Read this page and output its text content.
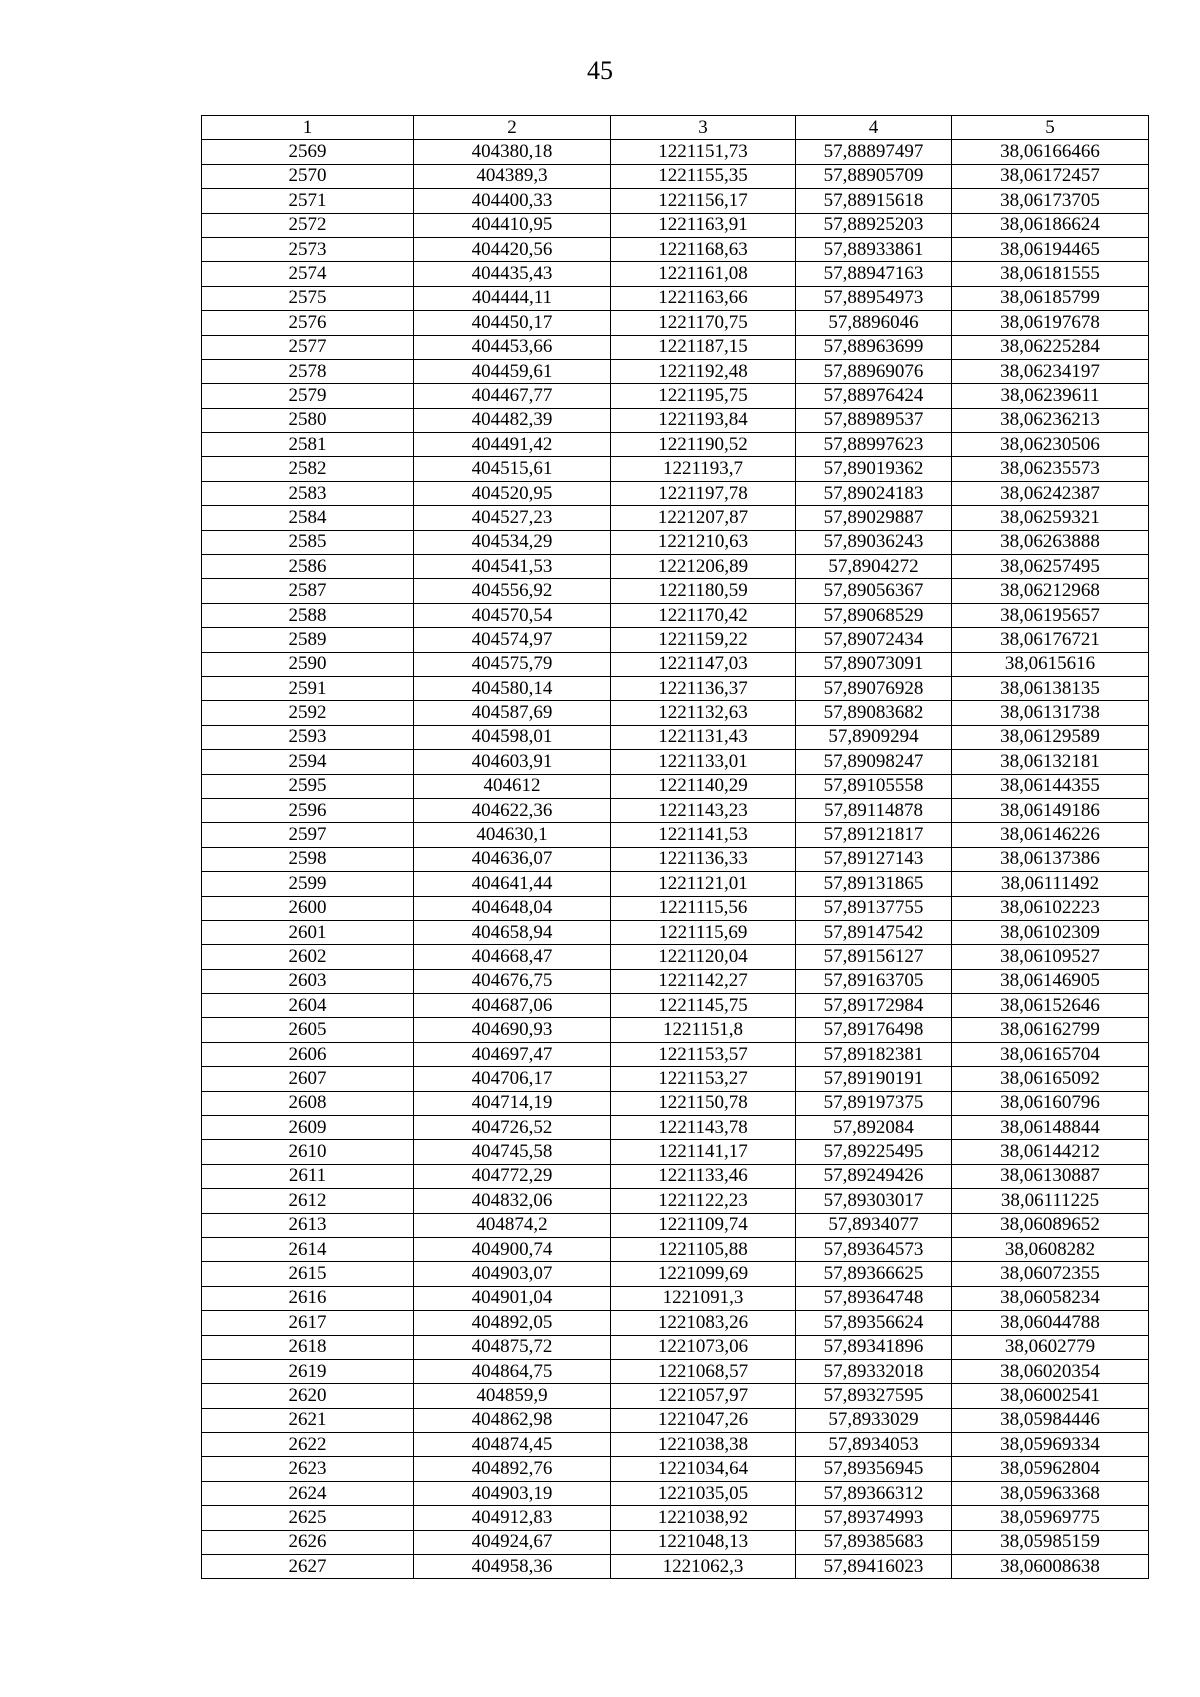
45
1	2	3	4	5
2569	404380,18	1221151,73	57,88897497	38,06166466
2570	404389,3	1221155,35	57,88905709	38,06172457
2571	404400,33	1221156,17	57,88915618	38,06173705
2572	404410,95	1221163,91	57,88925203	38,06186624
2573	404420,56	1221168,63	57,88933861	38,06194465
2574	404435,43	1221161,08	57,88947163	38,06181555
2575	404444,11	1221163,66	57,88954973	38,06185799
2576	404450,17	1221170,75	57,8896046	38,06197678
2577	404453,66	1221187,15	57,88963699	38,06225284
2578	404459,61	1221192,48	57,88969076	38,06234197
2579	404467,77	1221195,75	57,88976424	38,06239611
2580	404482,39	1221193,84	57,88989537	38,06236213
2581	404491,42	1221190,52	57,88997623	38,06230506
2582	404515,61	1221193,7	57,89019362	38,06235573
2583	404520,95	1221197,78	57,89024183	38,06242387
2584	404527,23	1221207,87	57,89029887	38,06259321
2585	404534,29	1221210,63	57,89036243	38,06263888
2586	404541,53	1221206,89	57,8904272	38,06257495
2587	404556,92	1221180,59	57,89056367	38,06212968
2588	404570,54	1221170,42	57,89068529	38,06195657
2589	404574,97	1221159,22	57,89072434	38,06176721
2590	404575,79	1221147,03	57,89073091	38,0615616
2591	404580,14	1221136,37	57,89076928	38,06138135
2592	404587,69	1221132,63	57,89083682	38,06131738
2593	404598,01	1221131,43	57,8909294	38,06129589
2594	404603,91	1221133,01	57,89098247	38,06132181
2595	404612	1221140,29	57,89105558	38,06144355
2596	404622,36	1221143,23	57,89114878	38,06149186
2597	404630,1	1221141,53	57,89121817	38,06146226
2598	404636,07	1221136,33	57,89127143	38,06137386
2599	404641,44	1221121,01	57,89131865	38,06111492
2600	404648,04	1221115,56	57,89137755	38,06102223
2601	404658,94	1221115,69	57,89147542	38,06102309
2602	404668,47	1221120,04	57,89156127	38,06109527
2603	404676,75	1221142,27	57,89163705	38,06146905
2604	404687,06	1221145,75	57,89172984	38,06152646
2605	404690,93	1221151,8	57,89176498	38,06162799
2606	404697,47	1221153,57	57,89182381	38,06165704
2607	404706,17	1221153,27	57,89190191	38,06165092
2608	404714,19	1221150,78	57,89197375	38,06160796
2609	404726,52	1221143,78	57,892084	38,06148844
2610	404745,58	1221141,17	57,89225495	38,06144212
2611	404772,29	1221133,46	57,89249426	38,06130887
2612	404832,06	1221122,23	57,89303017	38,06111225
2613	404874,2	1221109,74	57,8934077	38,06089652
2614	404900,74	1221105,88	57,89364573	38,0608282
2615	404903,07	1221099,69	57,89366625	38,06072355
2616	404901,04	1221091,3	57,89364748	38,06058234
2617	404892,05	1221083,26	57,89356624	38,06044788
2618	404875,72	1221073,06	57,89341896	38,0602779
2619	404864,75	1221068,57	57,89332018	38,06020354
2620	404859,9	1221057,97	57,89327595	38,06002541
2621	404862,98	1221047,26	57,8933029	38,05984446
2622	404874,45	1221038,38	57,8934053	38,05969334
2623	404892,76	1221034,64	57,89356945	38,05962804
2624	404903,19	1221035,05	57,89366312	38,05963368
2625	404912,83	1221038,92	57,89374993	38,05969775
2626	404924,67	1221048,13	57,89385683	38,05985159
2627	404958,36	1221062,3	57,89416023	38,06008638
